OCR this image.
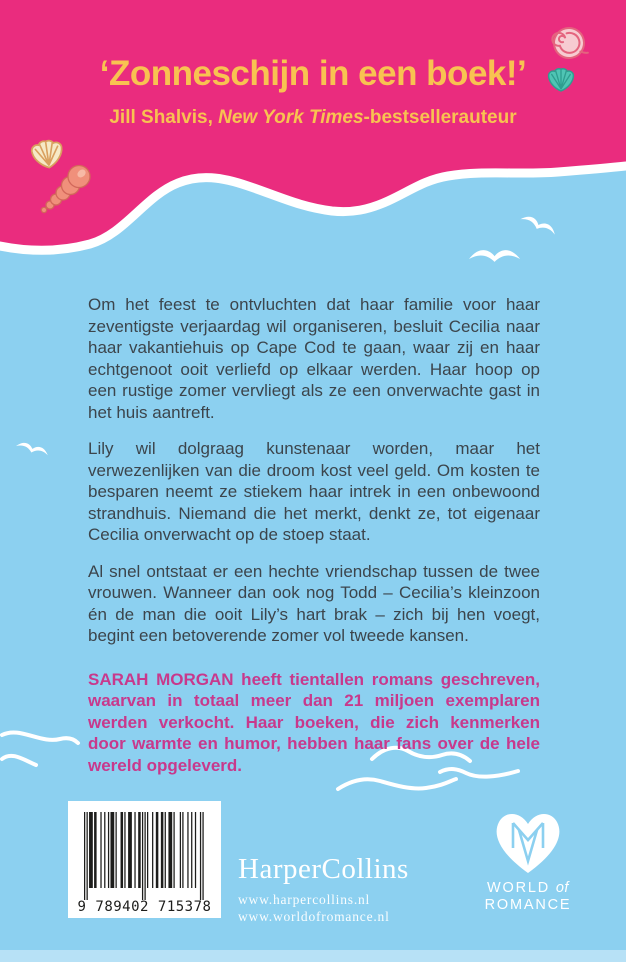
‘Zonneschijn in een boek!’
Jill Shalvis, New York Times-bestsellerauteur

Om het feest te ontvluchten dat haar familie voor haar zeventigste verjaardag wil organiseren, besluit Cecilia naar haar vakantiehuis op Cape Cod te gaan, waar zij en haar echtgenoot ooit verliefd op elkaar werden. Haar hoop op een rustige zomer vervliegt als ze een onverwachte gast in het huis aantreft.

Lily wil dolgraag kunstenaar worden, maar het verwezenlijken van die droom kost veel geld. Om kosten te besparen neemt ze stiekem haar intrek in een onbewoond strandhuis. Niemand die het merkt, denkt ze, tot eigenaar Cecilia onverwacht op de stoep staat.

Al snel ontstaat er een hechte vriendschap tussen de twee vrouwen. Wanneer dan ook nog Todd – Cecilia’s kleinzoon én de man die ooit Lily’s hart brak – zich bij hen voegt, begint een betoverende zomer vol tweede kansen.

SARAH MORGAN heeft tientallen romans geschreven, waarvan in totaal meer dan 21 miljoen exemplaren werden verkocht. Haar boeken, die zich kenmerken door warmte en humor, hebben haar fans over de hele wereld opgeleverd.

9 789402 715378
HarperCollins
www.harpercollins.nl
www.worldofromance.nl
WORLD of
ROMANCE
